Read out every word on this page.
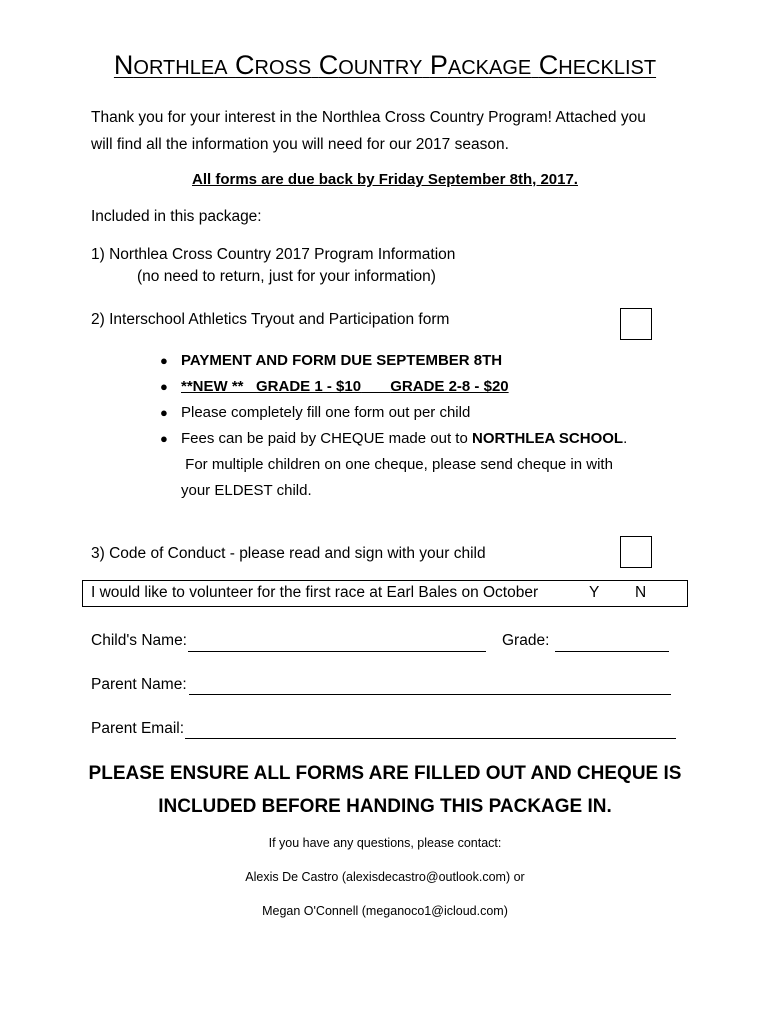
NORTHLEA CROSS COUNTRY PACKAGE CHECKLIST
Thank you for your interest in the Northlea Cross Country Program! Attached you
will find all the information you will need for our 2017 season.
All forms are due back by Friday September 8th, 2017.
Included in this package:
1) Northlea Cross Country 2017 Program Information
(no need to return, just for your information)
2) Interschool Athletics Tryout and Participation form
● PAYMENT AND FORM DUE SEPTEMBER 8TH
● **NEW **   GRADE 1 - $10 GRADE 2-8 - $20
● Please completely fill one form out per child
● Fees can be paid by CHEQUE made out to NORTHLEA SCHOOL.
For multiple children on one cheque, please send cheque in with
your ELDEST child.
3) Code of Conduct - please read and sign with your child
I would like to volunteer for the first race at Earl Bales on October	Y N
Child's Name:	Grade:
Parent Name:
Parent Email:
PLEASE ENSURE ALL FORMS ARE FILLED OUT AND CHEQUE IS
INCLUDED BEFORE HANDING THIS PACKAGE IN.
If you have any questions, please contact:
Alexis De Castro (alexisdecastro@outlook.com) or
Megan O'Connell (meganoco1@icloud.com)
